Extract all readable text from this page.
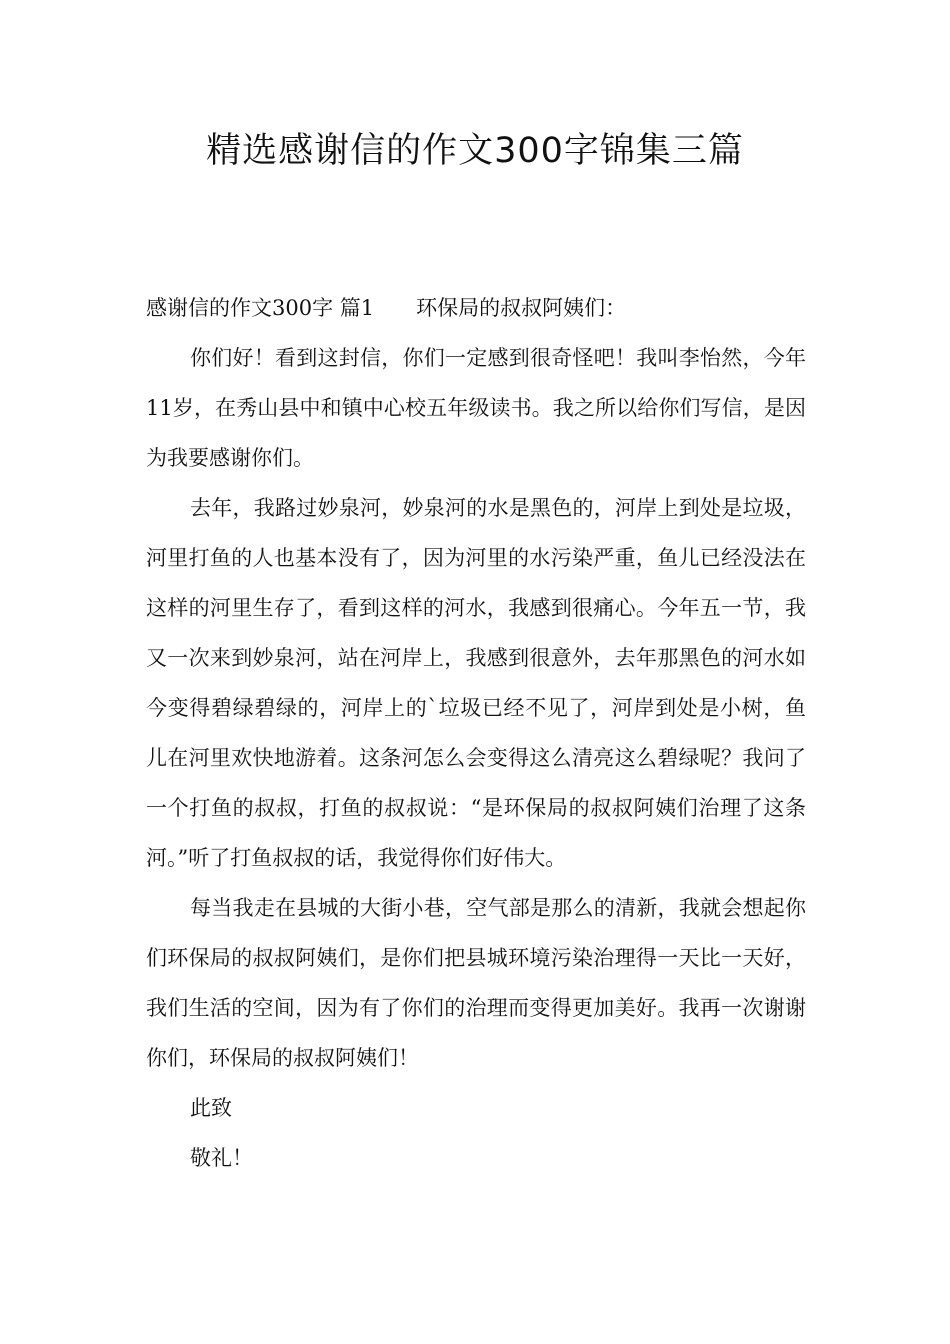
精选感谢信的作文300字锦集三篇

感谢信的作文300字 篇1 环保局的叔叔阿姨们：

你们好！看到这封信，你们一定感到很奇怪吧！我叫李怡然，今年11岁，在秀山县中和镇中心校五年级读书。我之所以给你们写信，是因为我要感谢你们。

去年，我路过妙泉河，妙泉河的水是黑色的，河岸上到处是垃圾，河里打鱼的人也基本没有了，因为河里的水污染严重，鱼儿已经没法在这样的河里生存了，看到这样的河水，我感到很痛心。今年五一节，我又一次来到妙泉河，站在河岸上，我感到很意外，去年那黑色的河水如今变得碧绿碧绿的，河岸上的`垃圾已经不见了，河岸到处是小树，鱼儿在河里欢快地游着。这条河怎么会变得这么清亮这么碧绿呢？我问了一个打鱼的叔叔，打鱼的叔叔说：“是环保局的叔叔阿姨们治理了这条河。”听了打鱼叔叔的话，我觉得你们好伟大。

每当我走在县城的大街小巷，空气部是那么的清新，我就会想起你们环保局的叔叔阿姨们，是你们把县城环境污染治理得一天比一天好，我们生活的空间，因为有了你们的治理而变得更加美好。我再一次谢谢你们，环保局的叔叔阿姨们！

此致

敬礼！
